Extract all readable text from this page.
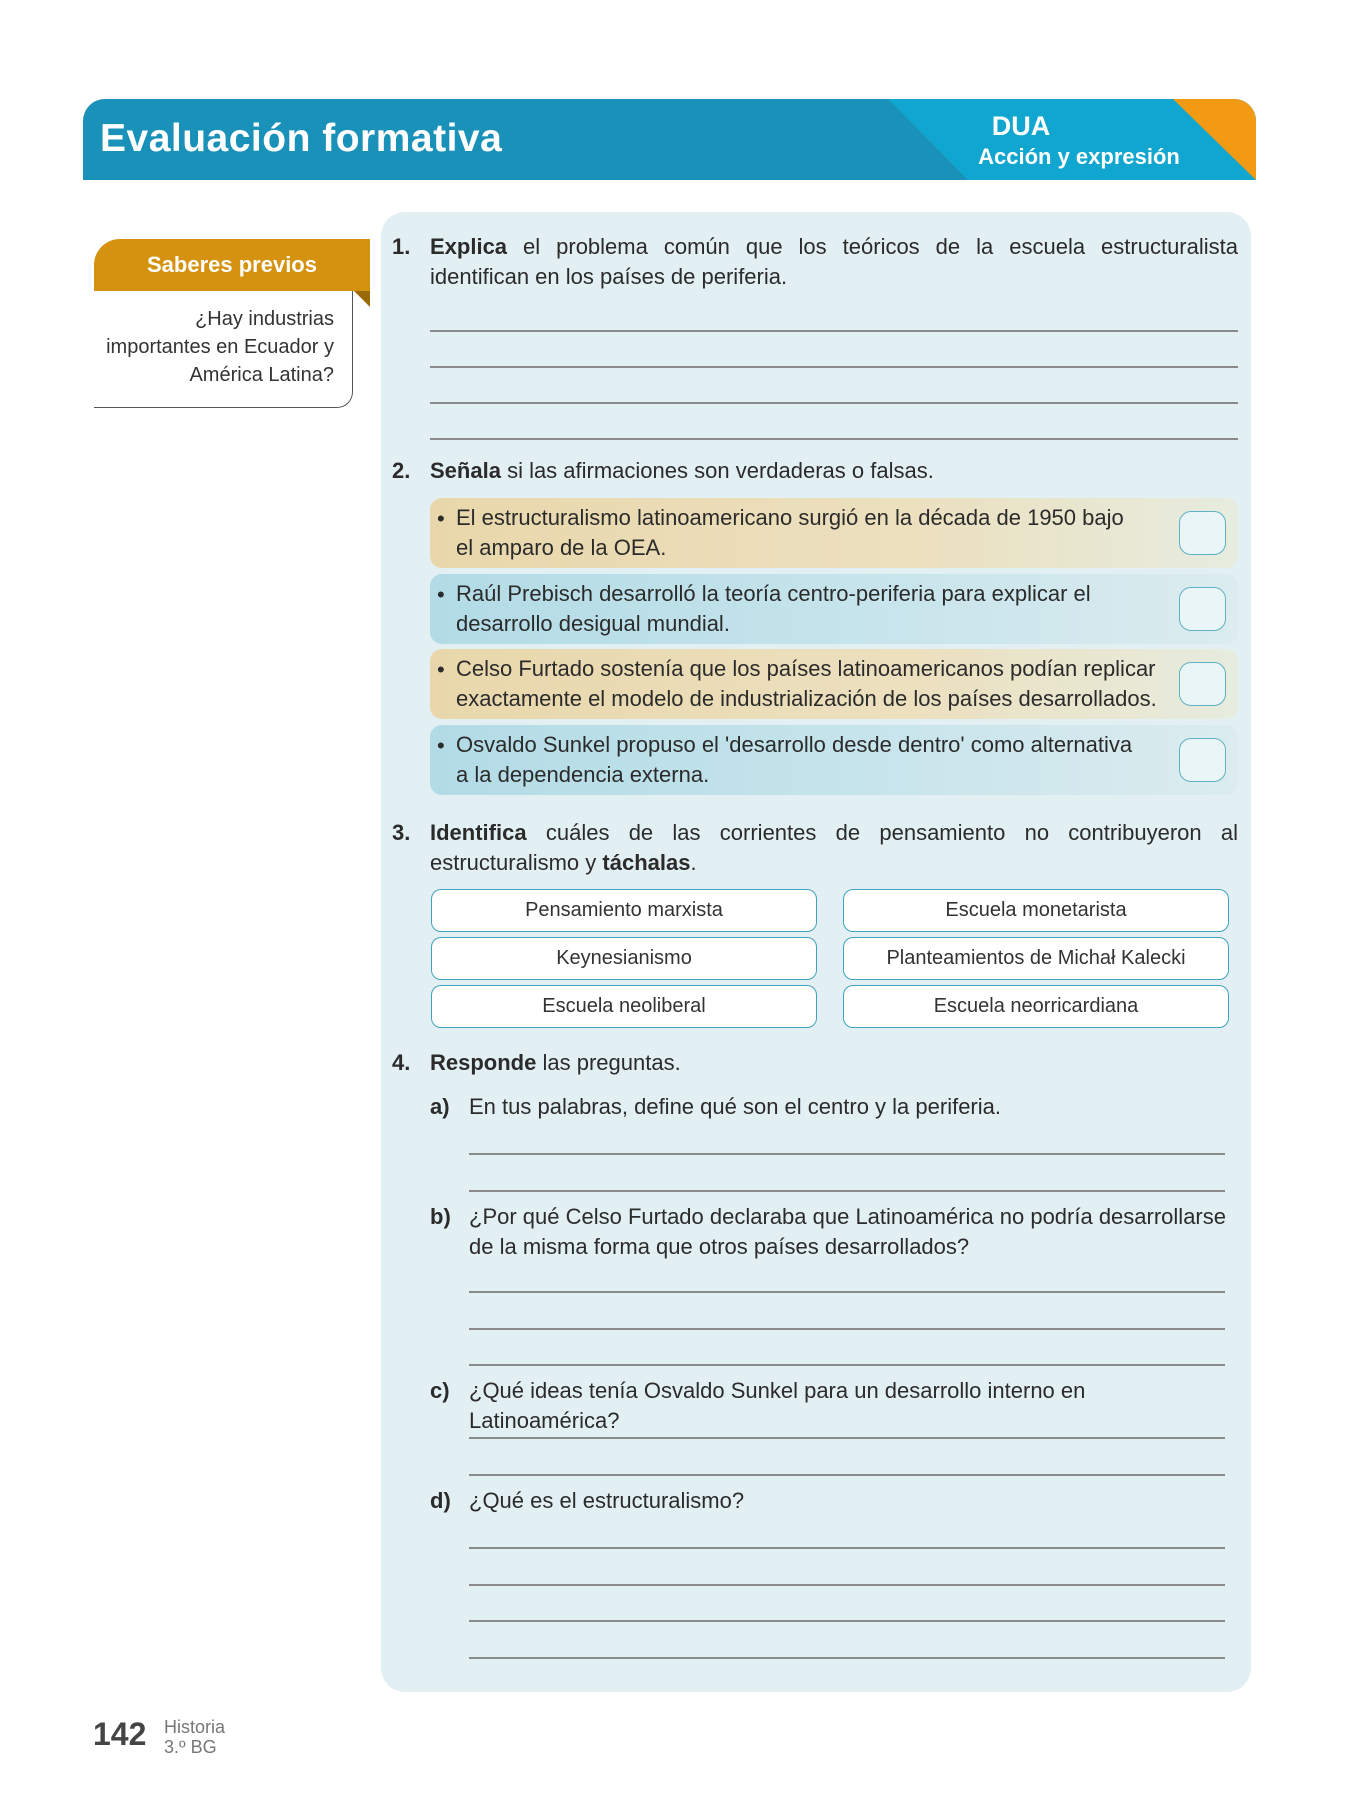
Evaluación formativa	DUA
Acción y expresión
Saberes previos
¿Hay industrias
importantes en Ecuador y
América Latina?
1. Explica el problema común que los teóricos de la escuela estructuralista
identifican en los países de periferia.
2. Señala si las afirmaciones son verdaderas o falsas.
• El estructuralismo latinoamericano surgió en la década de 1950 bajo
el amparo de la OEA.
• Raúl Prebisch desarrolló la teoría centro-periferia para explicar el
desarrollo desigual mundial.
• Celso Furtado sostenía que los países latinoamericanos podían replicar
exactamente el modelo de industrialización de los países desarrollados.
• Osvaldo Sunkel propuso el 'desarrollo desde dentro' como alternativa
a la dependencia externa.
3. Identifica cuáles de las corrientes de pensamiento no contribuyeron al
estructuralismo y táchalas.
Pensamiento marxista	Escuela monetarista
Keynesianismo	Planteamientos de Michał Kalecki
Escuela neoliberal	Escuela neorricardiana
4. Responde las preguntas.
a) En tus palabras, define qué son el centro y la periferia.
b) ¿Por qué Celso Furtado declaraba que Latinoamérica no podría desarrollarse
de la misma forma que otros países desarrollados?
c) ¿Qué ideas tenía Osvaldo Sunkel para un desarrollo interno en Latinoamérica?
d) ¿Qué es el estructuralismo?
142 Historia
3.º BG
